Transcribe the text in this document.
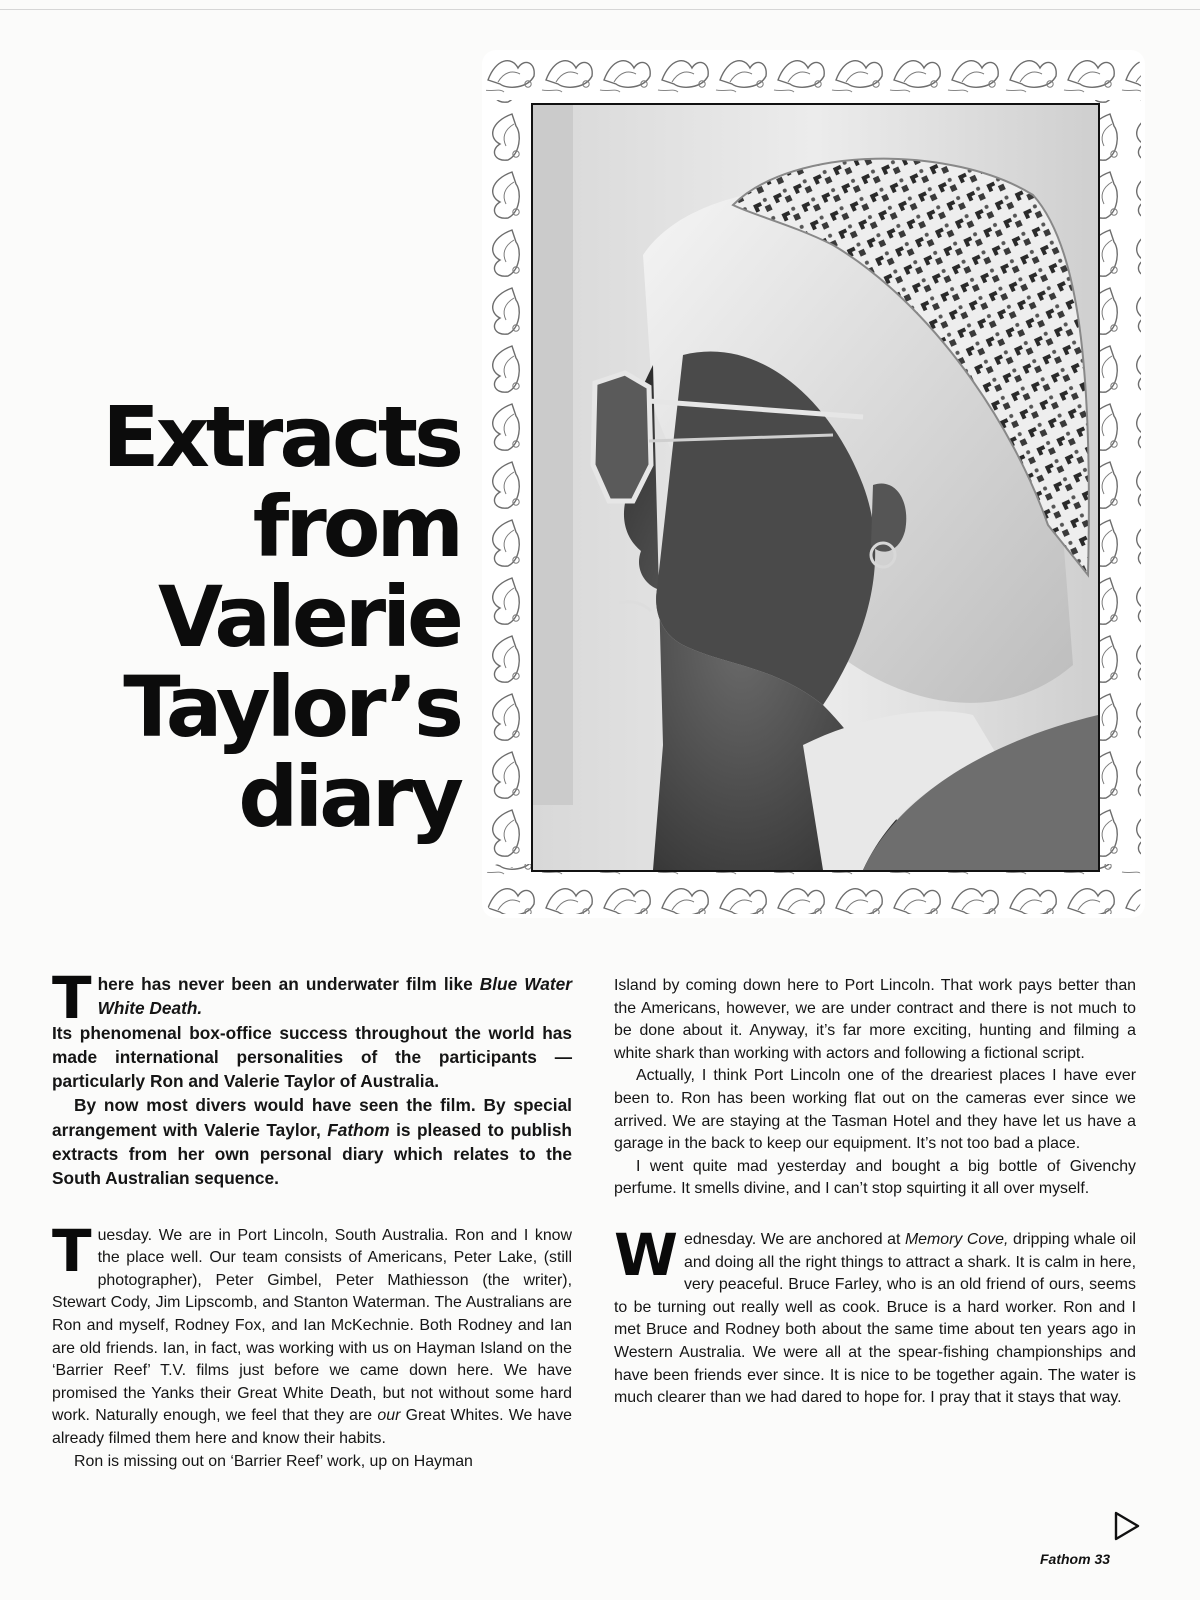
Extracts
from
Valerie
Taylor’s
diary

There has never been an underwater film like Blue Water White Death.

Its phenomenal box-office success throughout the world has made international personalities of the participants — particularly Ron and Valerie Taylor of Australia.

By now most divers would have seen the film. By special arrangement with Valerie Taylor, Fathom is pleased to publish extracts from her own personal diary which relates to the South Australian sequence.

Tuesday. We are in Port Lincoln, South Australia. Ron and I know the place well. Our team consists of Americans, Peter Lake, (still photographer), Peter Gimbel, Peter Mathiesson (the writer), Stewart Cody, Jim Lipscomb, and Stanton Waterman. The Australians are Ron and myself, Rodney Fox, and Ian McKechnie. Both Rodney and Ian are old friends. Ian, in fact, was working with us on Hayman Island on the ‘Barrier Reef’ T.V. films just before we came down here. We have promised the Yanks their Great White Death, but not without some hard work. Naturally enough, we feel that they are our Great Whites. We have already filmed them here and know their habits.

Ron is missing out on ‘Barrier Reef’ work, up on Hayman

Island by coming down here to Port Lincoln. That work pays better than the Americans, however, we are under contract and there is not much to be done about it. Anyway, it’s far more exciting, hunting and filming a white shark than working with actors and following a fictional script.

Actually, I think Port Lincoln one of the dreariest places I have ever been to. Ron has been working flat out on the cameras ever since we arrived. We are staying at the Tasman Hotel and they have let us have a garage in the back to keep our equipment. It’s not too bad a place.

I went quite mad yesterday and bought a big bottle of Givenchy perfume. It smells divine, and I can’t stop squirting it all over myself.

Wednesday. We are anchored at Memory Cove, dripping whale oil and doing all the right things to attract a shark. It is calm in here, very peaceful. Bruce Farley, who is an old friend of ours, seems to be turning out really well as cook. Bruce is a hard worker. Ron and I met Bruce and Rodney both about the same time about ten years ago in Western Australia. We were all at the spear-fishing championships and have been friends ever since. It is nice to be together again. The water is much clearer than we had dared to hope for. I pray that it stays that way.

Fathom 33
